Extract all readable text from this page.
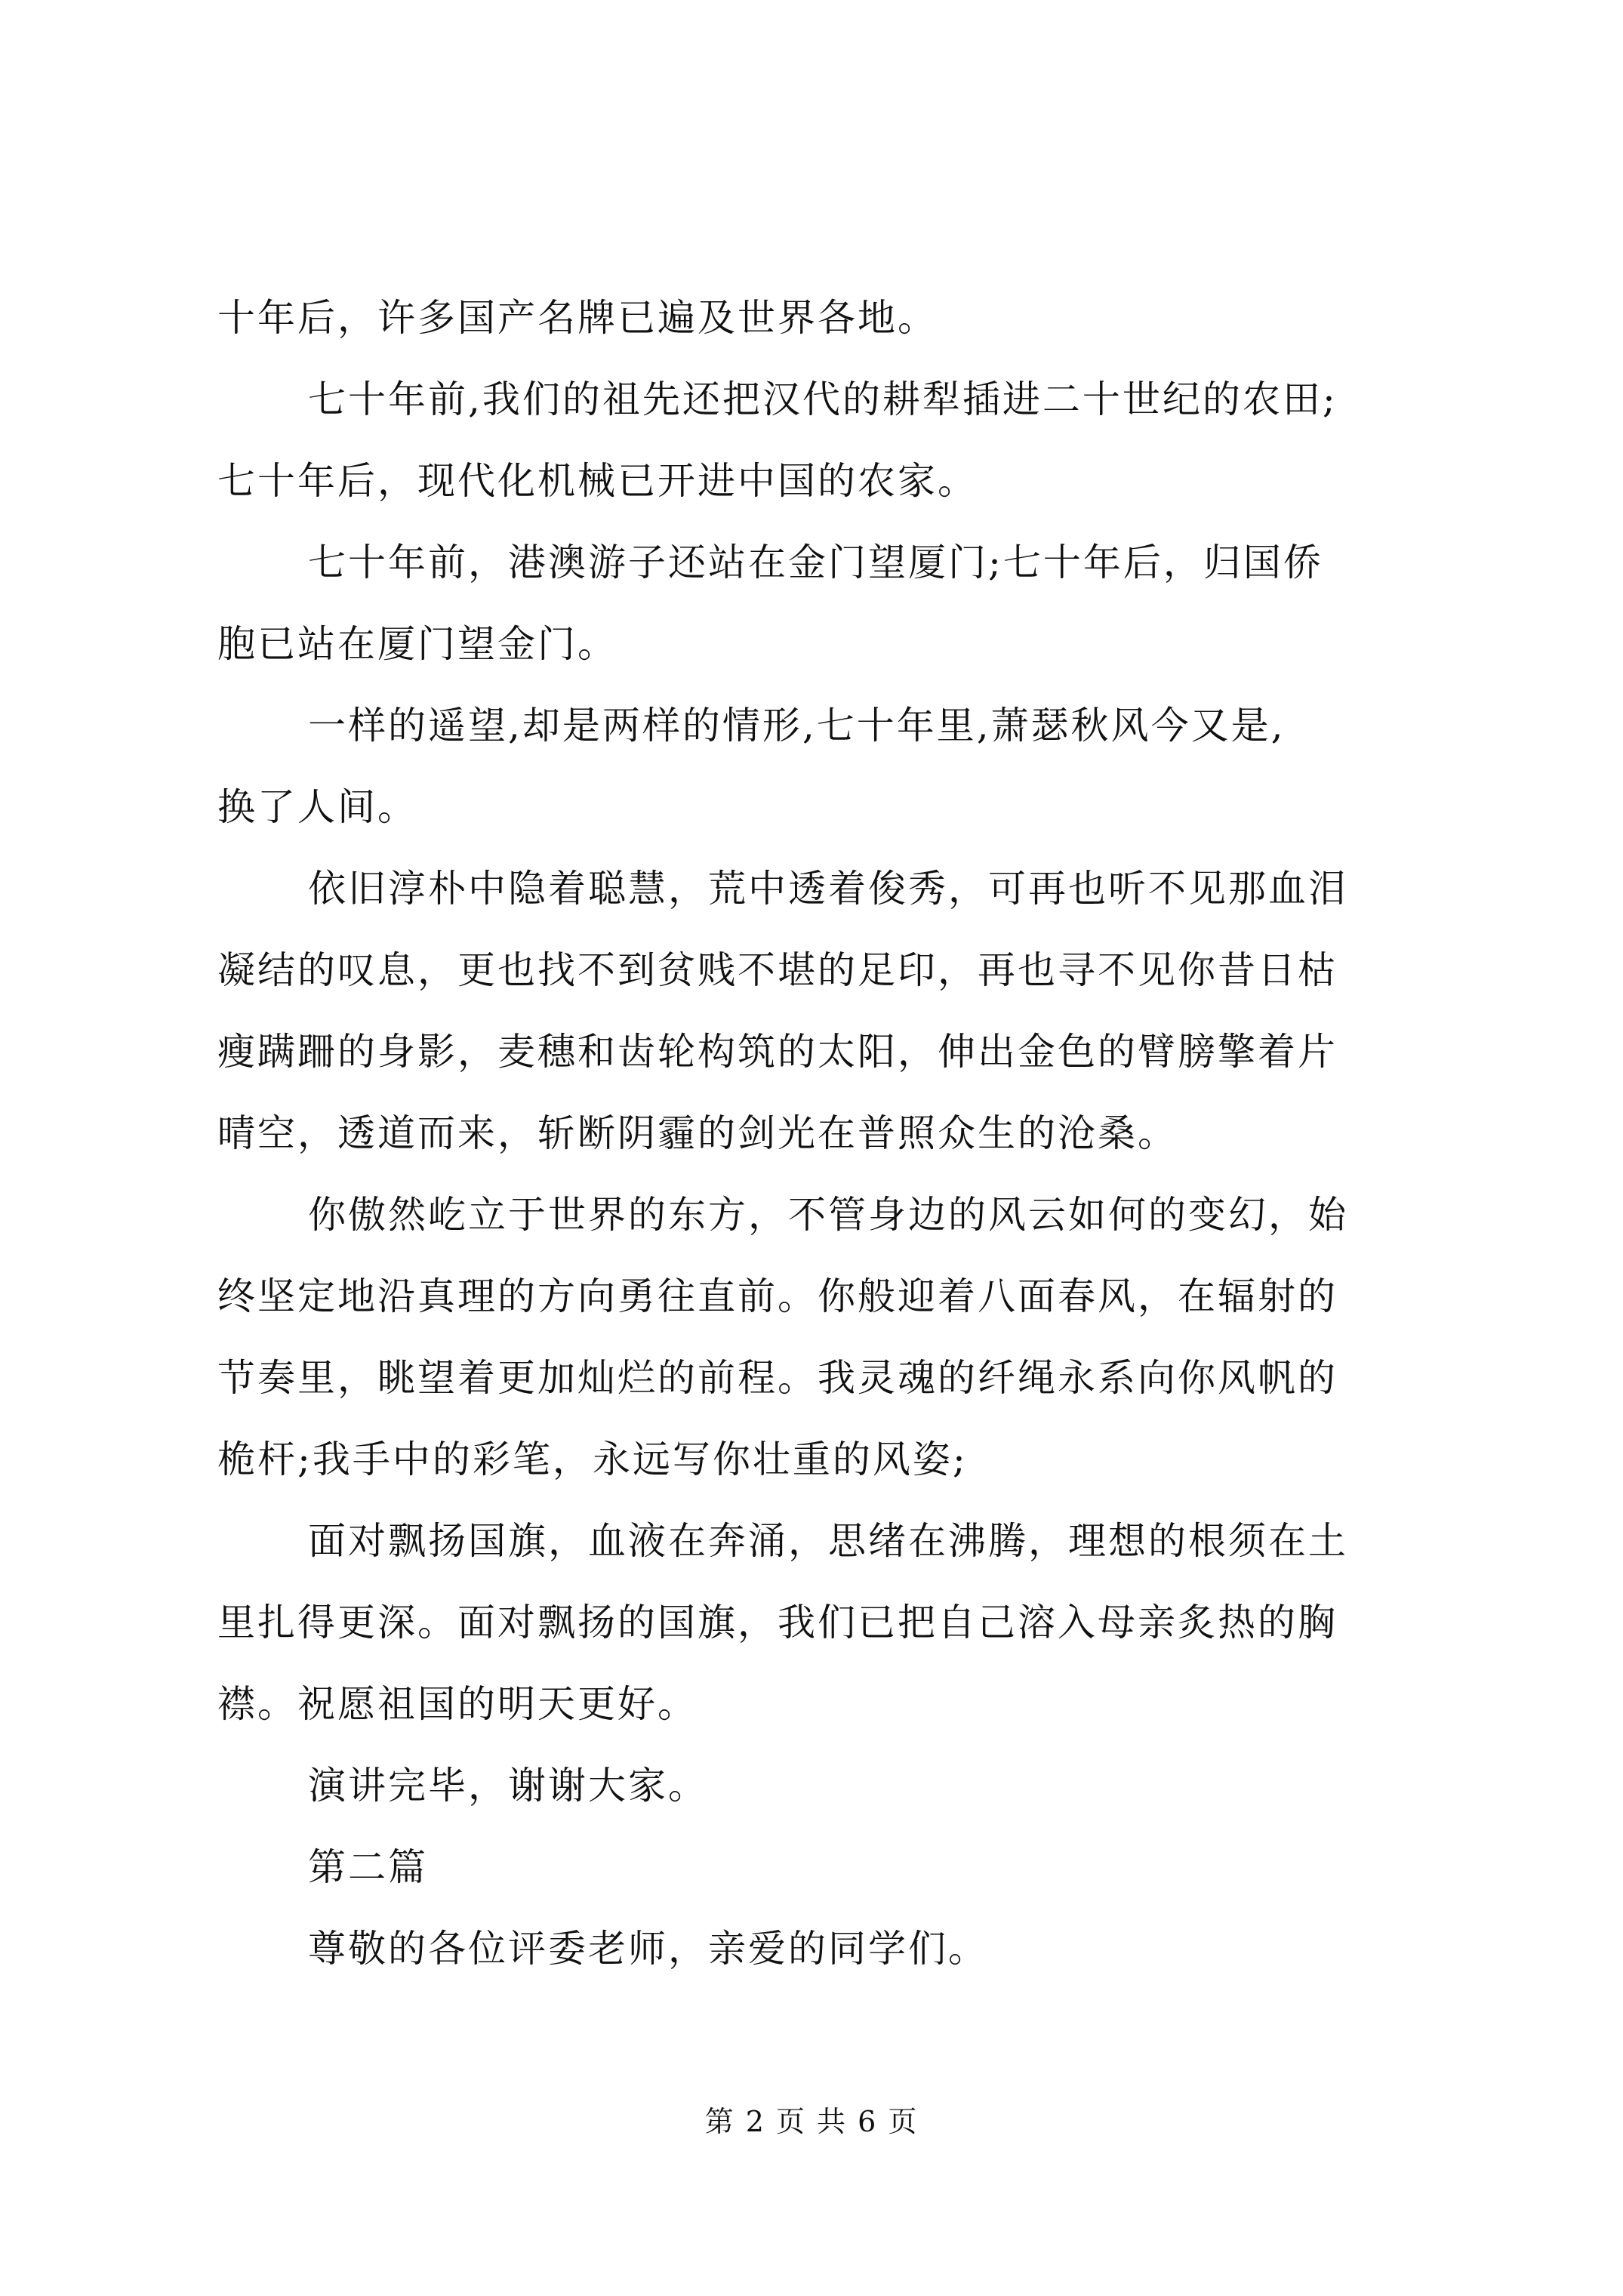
十年后，许多国产名牌已遍及世界各地。
七十年前,我们的祖先还把汉代的耕犁插进二十世纪的农田;
七十年后，现代化机械已开进中国的农家。
七十年前，港澳游子还站在金门望厦门;七十年后，归国侨
胞已站在厦门望金门。
一样的遥望,却是两样的情形,七十年里,萧瑟秋风今又是,
换了人间。
依旧淳朴中隐着聪慧，荒中透着俊秀，可再也听不见那血泪
凝结的叹息，更也找不到贫贱不堪的足印，再也寻不见你昔日枯
瘦蹒跚的身影，麦穗和齿轮构筑的太阳，伸出金色的臂膀擎着片
晴空，透道而来，斩断阴霾的剑光在普照众生的沧桑。
你傲然屹立于世界的东方，不管身边的风云如何的变幻，始
终坚定地沿真理的方向勇往直前。你般迎着八面春风，在辐射的
节奏里，眺望着更加灿烂的前程。我灵魂的纤绳永系向你风帆的
桅杆;我手中的彩笔，永远写你壮重的风姿;
面对飘扬国旗，血液在奔涌，思绪在沸腾，理想的根须在土
里扎得更深。面对飘扬的国旗，我们已把自己溶入母亲炙热的胸
襟。祝愿祖国的明天更好。
演讲完毕，谢谢大家。
第二篇
尊敬的各位评委老师，亲爱的同学们。
第 2 页 共 6 页
